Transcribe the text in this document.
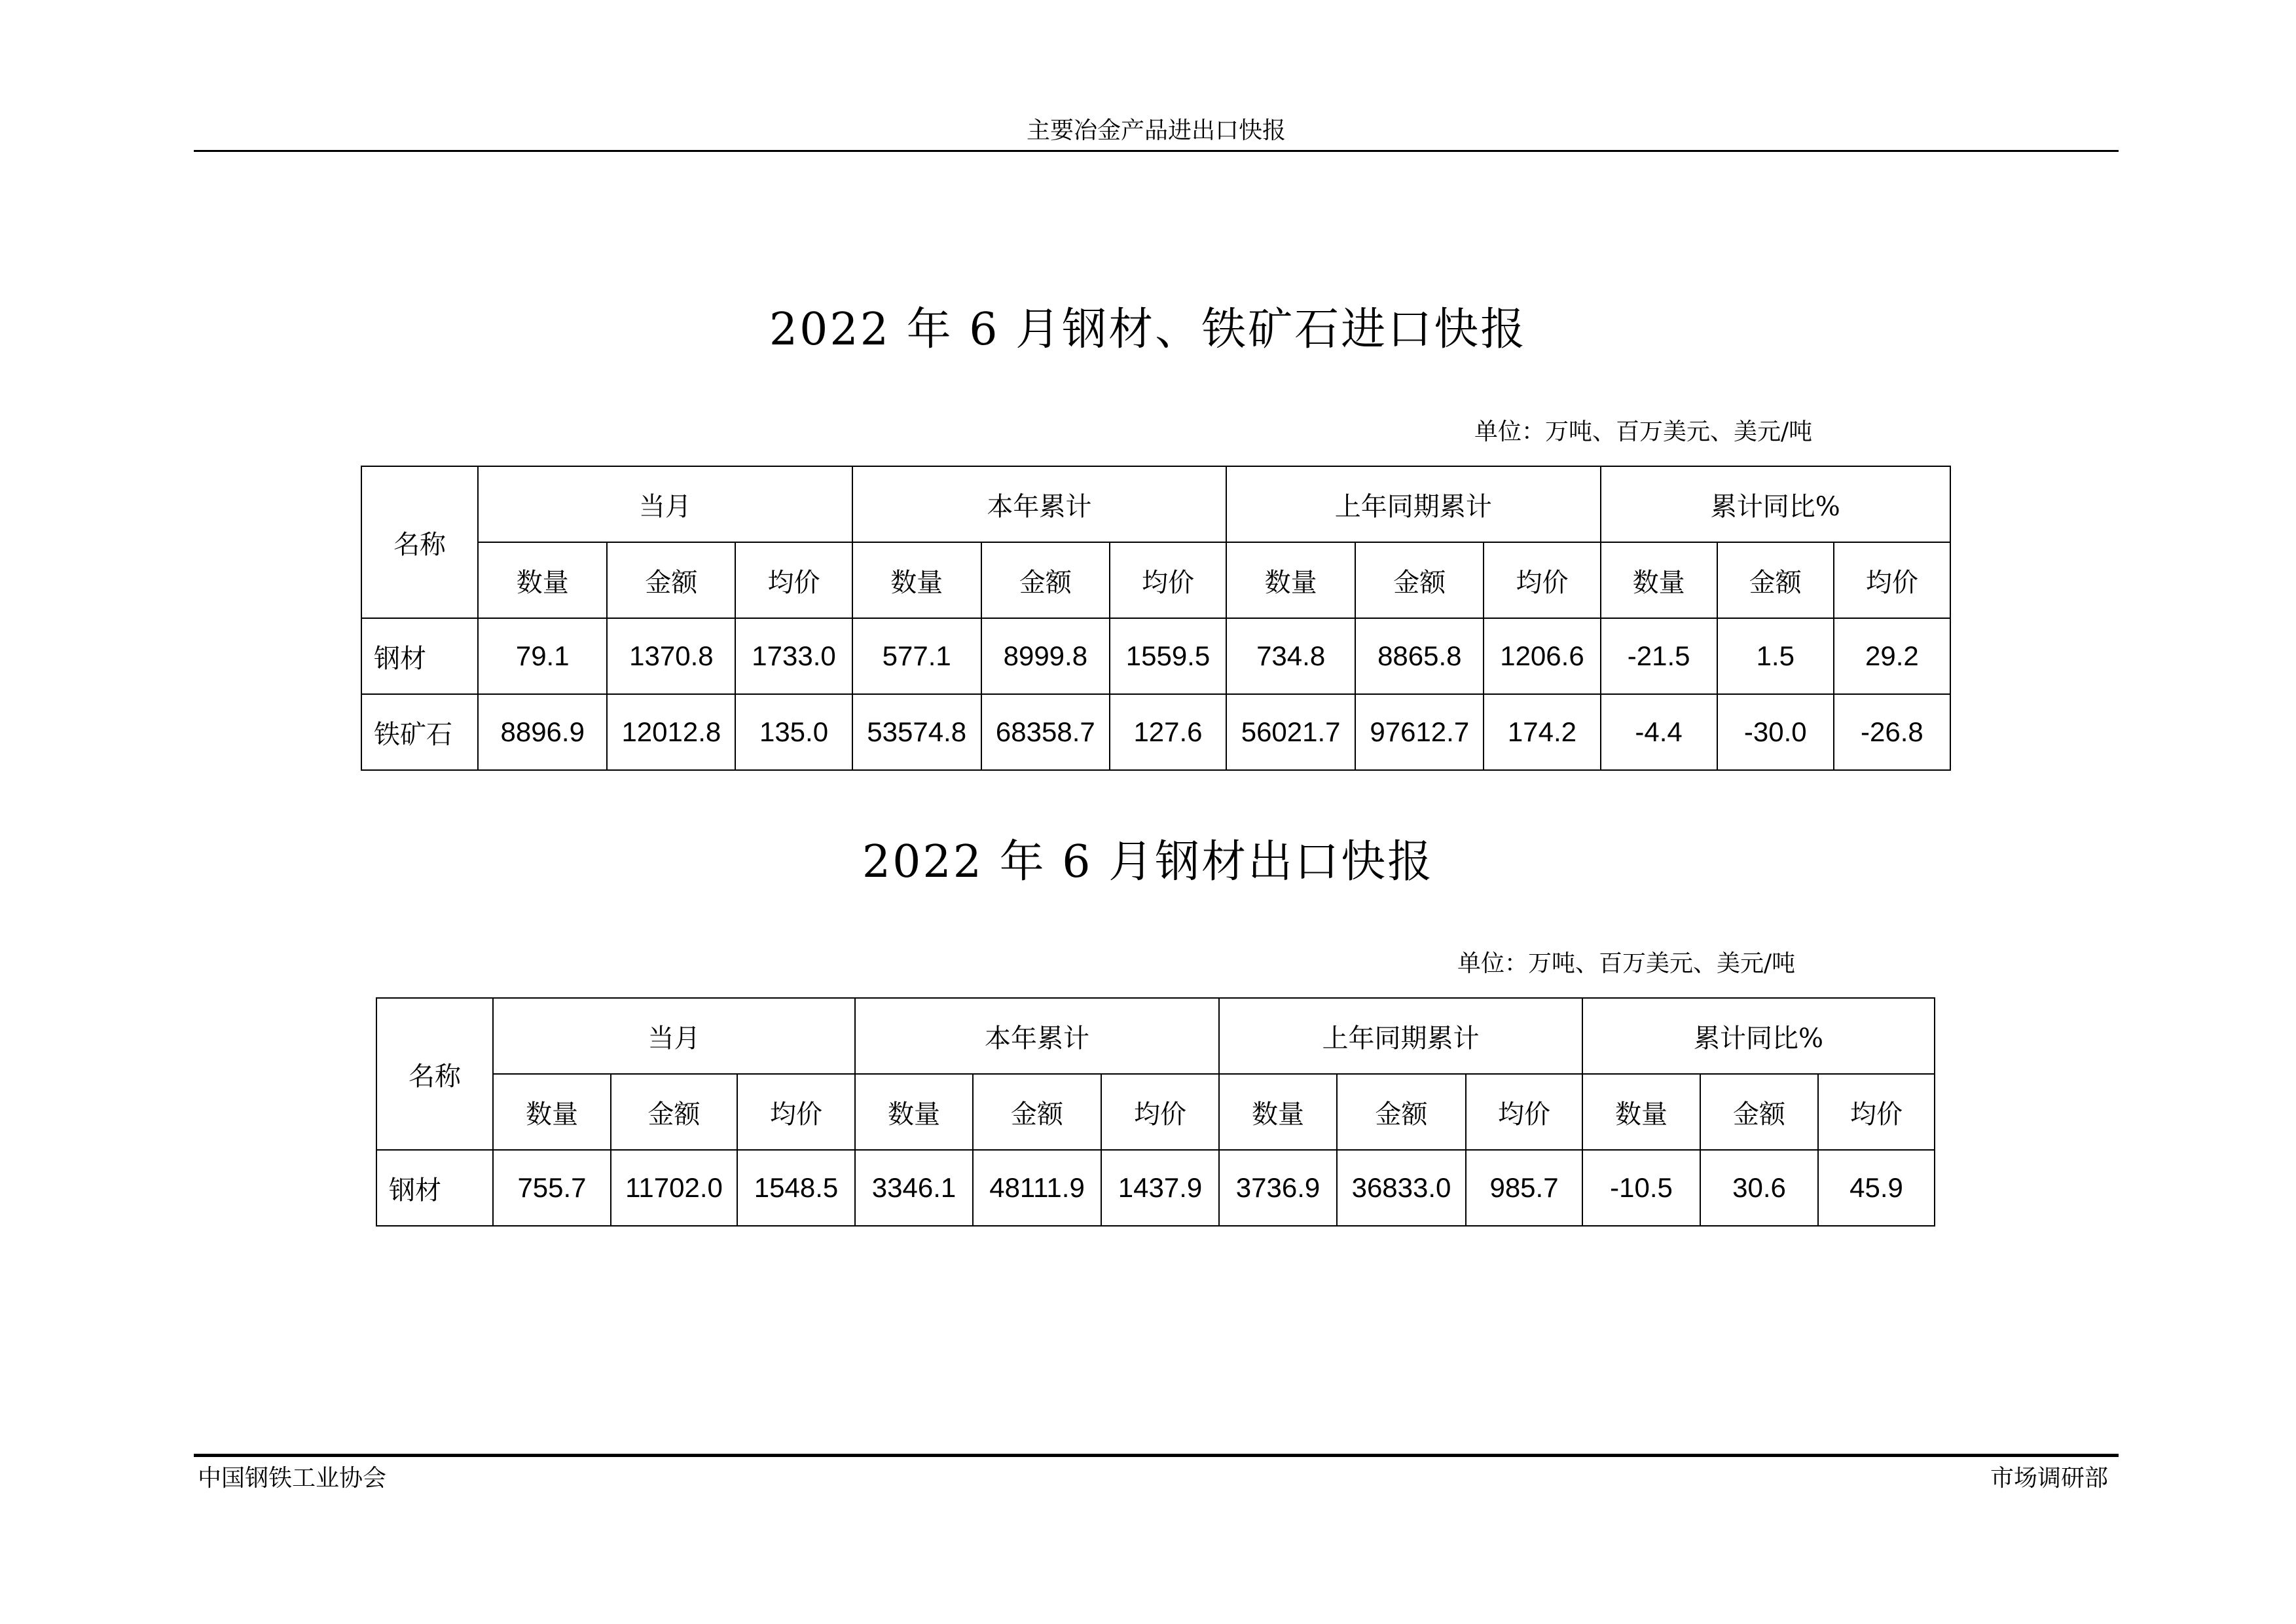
主要冶金产品进出口快报
2022 年 6 月钢材、铁矿石进口快报
单位：万吨、百万美元、美元/吨
名称	当月			本年累计			上年同期累计			累计同比%		
	数量	金额	均价	数量	金额	均价	数量	金额	均价	数量	金额	均价
钢材	79.1	1370.8	1733.0	577.1	8999.8	1559.5	734.8	8865.8	1206.6	-21.5	1.5	29.2
铁矿石	8896.9	12012.8	135.0	53574.8	68358.7	127.6	56021.7	97612.7	174.2	-4.4	-30.0	-26.8
2022 年 6 月钢材出口快报
单位：万吨、百万美元、美元/吨
名称	当月			本年累计			上年同期累计			累计同比%		
	数量	金额	均价	数量	金额	均价	数量	金额	均价	数量	金额	均价
钢材	755.7	11702.0	1548.5	3346.1	48111.9	1437.9	3736.9	36833.0	985.7	-10.5	30.6	45.9
中国钢铁工业协会	市场调研部
